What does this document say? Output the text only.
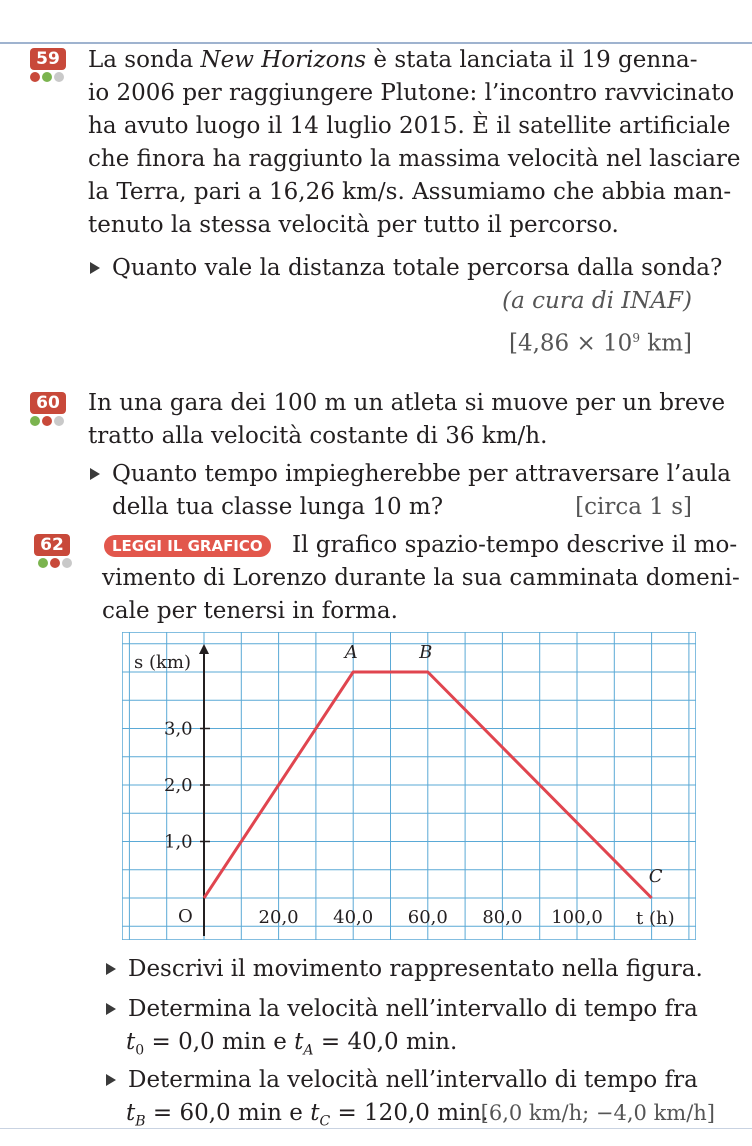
59 La sonda New Horizons è stata lanciata il 19 genna-
io 2006 per raggiungere Plutone: l’incontro ravvicinato
ha avuto luogo il 14 luglio 2015. È il satellite artificiale
che finora ha raggiunto la massima velocità nel lasciare
la Terra, pari a 16,26 km/s. Assumiamo che abbia man-
tenuto la stessa velocità per tutto il percorso.
Quanto vale la distanza totale percorsa dalla sonda?
(a cura di INAF)
[$4,86 \times 10^9$ km]
60 In una gara dei 100 m un atleta si muove per un breve
tratto alla velocità costante di 36 km/h.
Quanto tempo impiegherebbe per attraversare l’aula
della tua classe lunga 10 m?	[circa 1 s]
62	LEGGI IL GRAFICO	Il grafico spazio-tempo descrive il mo-
vimento di Lorenzo durante la sua camminata domeni-
cale per tenersi in forma.
1,0
2,0
3,0
20,0 40,0 60,0 80,0 100,0
A	B
C
s (km)
t (h)
O
Descrivi il movimento rappresentato nella figura.
Determina la velocità nell’intervallo di tempo fra
$t_0 = 0,0$ min e $t_A = 40,0$ min.
Determina la velocità nell’intervallo di tempo fra
$t_B = 60,0$ min e $t_C = 120,0$ min.
[6,0 km/h; −4,0 km/h]
